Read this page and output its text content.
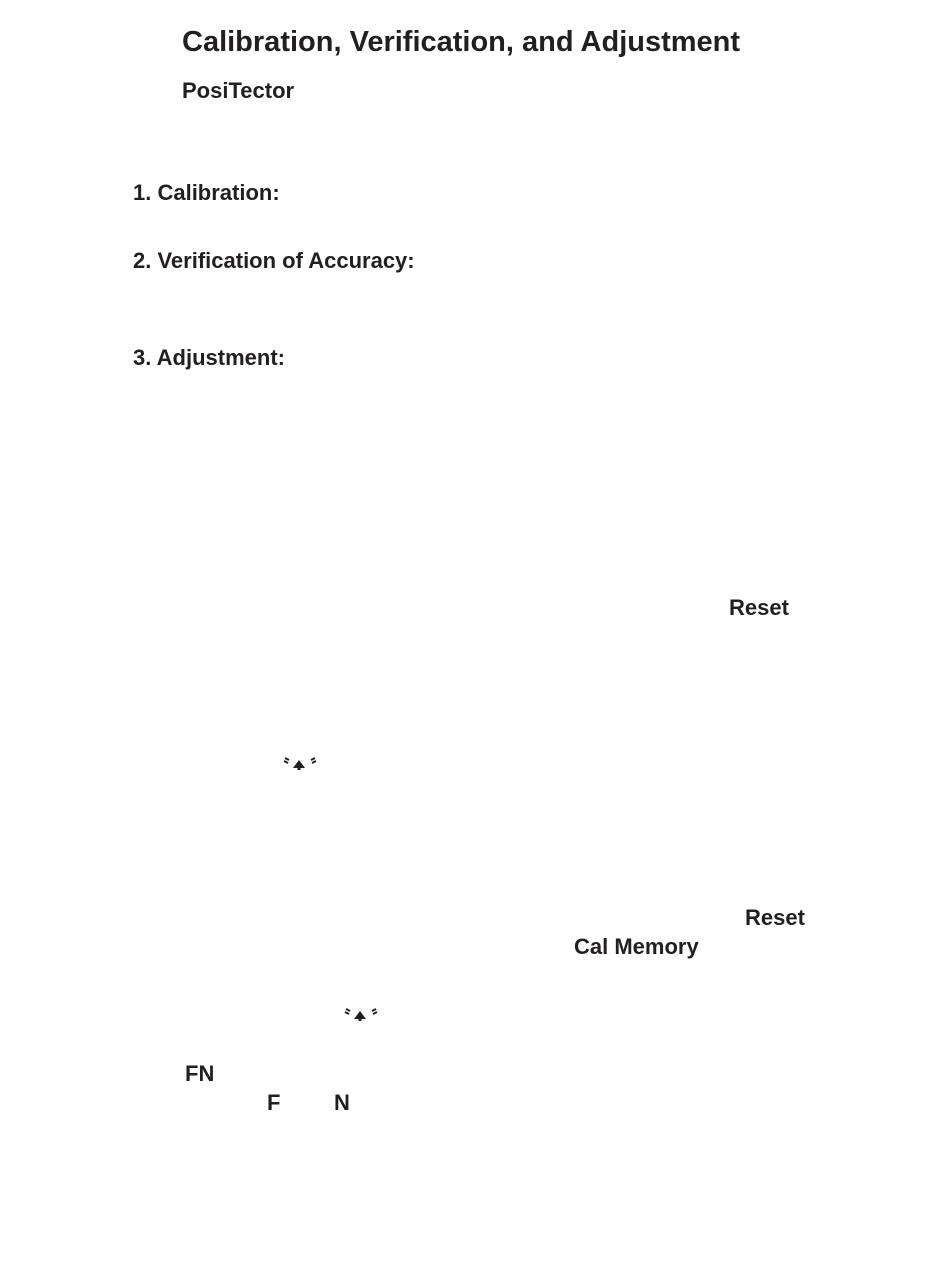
Calibration, Verification, and Adjustment
PosiTector
1. Calibration:
2. Verification of Accuracy:
3. Adjustment:
Reset
Reset
Cal Memory
FN
F N
